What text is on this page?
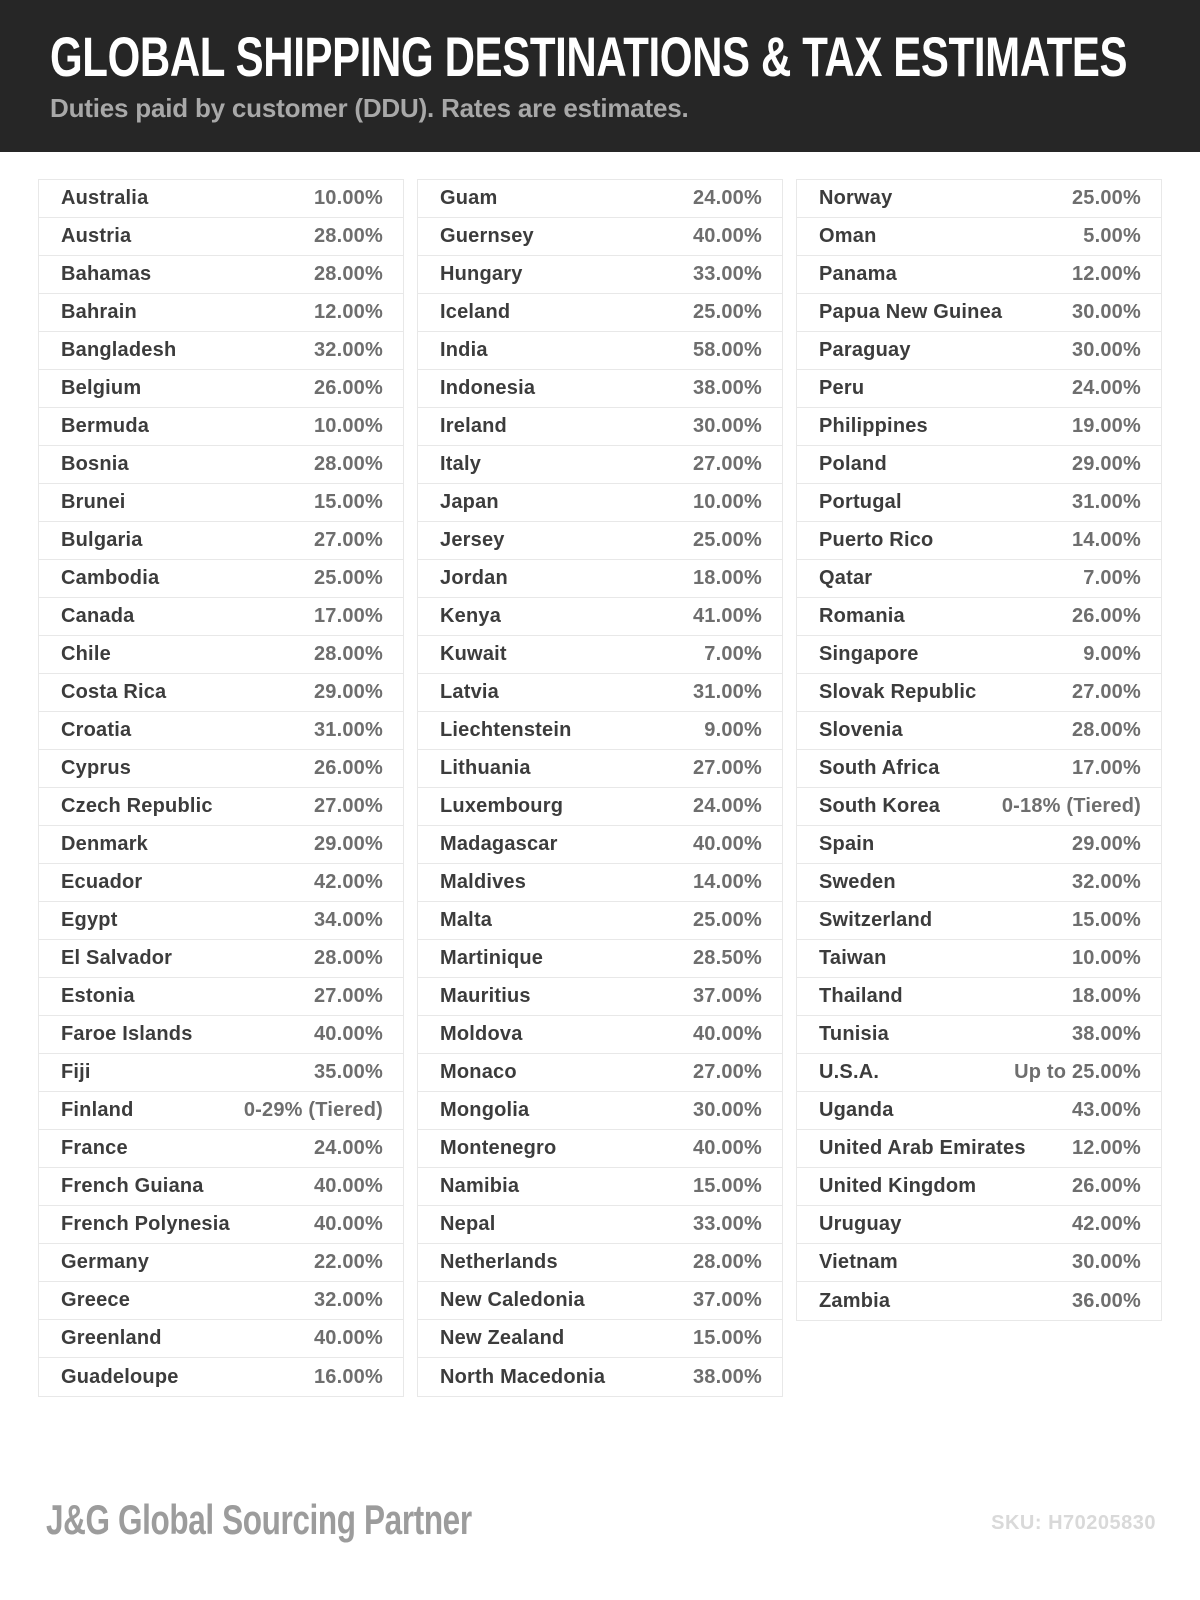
GLOBAL SHIPPING DESTINATIONS & TAX ESTIMATES
Duties paid by customer (DDU). Rates are estimates.
Australia	10.00%
Austria	28.00%
Bahamas	28.00%
Bahrain	12.00%
Bangladesh	32.00%
Belgium	26.00%
Bermuda	10.00%
Bosnia	28.00%
Brunei	15.00%
Bulgaria	27.00%
Cambodia	25.00%
Canada	17.00%
Chile	28.00%
Costa Rica	29.00%
Croatia	31.00%
Cyprus	26.00%
Czech Republic	27.00%
Denmark	29.00%
Ecuador	42.00%
Egypt	34.00%
El Salvador	28.00%
Estonia	27.00%
Faroe Islands	40.00%
Fiji	35.00%
Finland	0-29% (Tiered)
France	24.00%
French Guiana	40.00%
French Polynesia	40.00%
Germany	22.00%
Greece	32.00%
Greenland	40.00%
Guadeloupe	16.00%
Guam	24.00%
Guernsey	40.00%
Hungary	33.00%
Iceland	25.00%
India	58.00%
Indonesia	38.00%
Ireland	30.00%
Italy	27.00%
Japan	10.00%
Jersey	25.00%
Jordan	18.00%
Kenya	41.00%
Kuwait	7.00%
Latvia	31.00%
Liechtenstein	9.00%
Lithuania	27.00%
Luxembourg	24.00%
Madagascar	40.00%
Maldives	14.00%
Malta	25.00%
Martinique	28.50%
Mauritius	37.00%
Moldova	40.00%
Monaco	27.00%
Mongolia	30.00%
Montenegro	40.00%
Namibia	15.00%
Nepal	33.00%
Netherlands	28.00%
New Caledonia	37.00%
New Zealand	15.00%
North Macedonia	38.00%
Norway	25.00%
Oman	5.00%
Panama	12.00%
Papua New Guinea	30.00%
Paraguay	30.00%
Peru	24.00%
Philippines	19.00%
Poland	29.00%
Portugal	31.00%
Puerto Rico	14.00%
Qatar	7.00%
Romania	26.00%
Singapore	9.00%
Slovak Republic	27.00%
Slovenia	28.00%
South Africa	17.00%
South Korea	0-18% (Tiered)
Spain	29.00%
Sweden	32.00%
Switzerland	15.00%
Taiwan	10.00%
Thailand	18.00%
Tunisia	38.00%
U.S.A.	Up to 25.00%
Uganda	43.00%
United Arab Emirates 12.00%
United Kingdom	26.00%
Uruguay	42.00%
Vietnam	30.00%
Zambia	36.00%
J&G Global Sourcing Partner	SKU: H70205830
